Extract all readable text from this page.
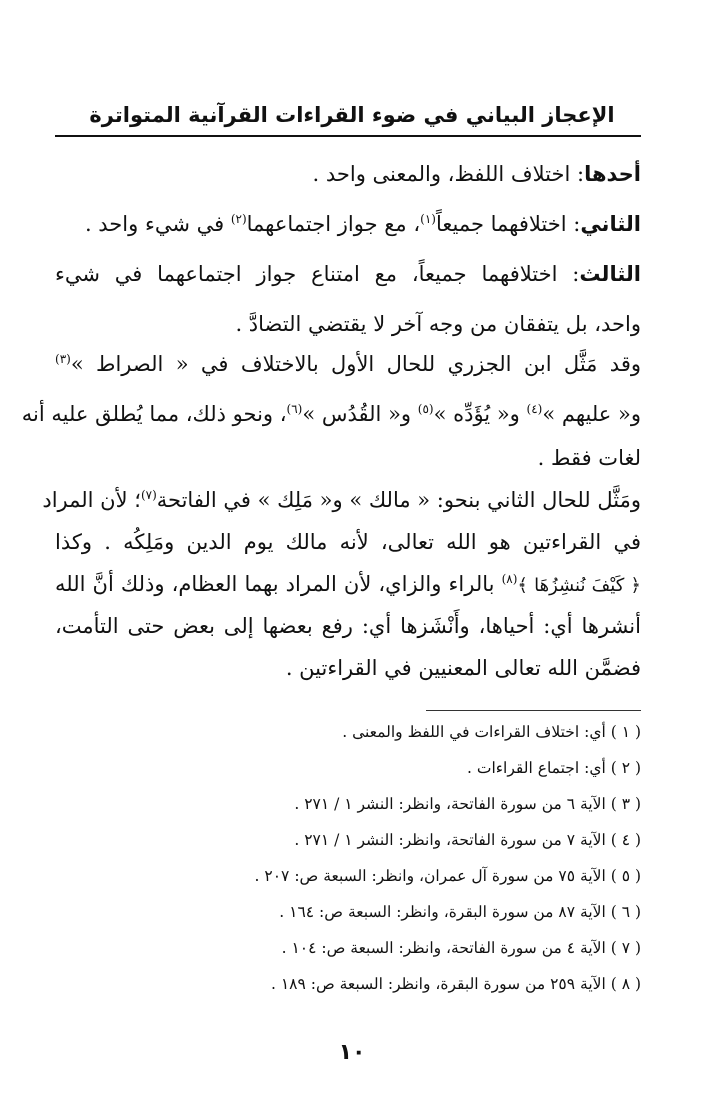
الإعجاز البياني في ضوء القراءات القرآنية المتواترة
أحدها: اختلاف اللفظ، والمعنى واحد .
الثاني: اختلافهما جميعاً$^{(١)}$، مع جواز اجتماعهما$^{(٢)}$ في شيء واحد .
الثالث: اختلافهما جميعاً، مع امتناع جواز اجتماعهما في شيء
واحد، بل يتفقان من وجه آخر لا يقتضي التضادَّ .
وقد مَثَّل ابن الجزري للحال الأول بالاختلاف في « الصراط »$^{(٣)}$
و« عليهم »$^{(٤)}$ و« يُؤَدِّه »$^{(٥)}$ و« القُدُس »$^{(٦)}$، ونحو ذلك، مما يُطلق عليه أنه
لغات فقط .
ومَثَّل للحال الثاني بنحو: « مالك » و« مَلِك » في الفاتحة$^{(٧)}$؛ لأن المراد
في القراءتين هو الله تعالى، لأنه مالك يوم الدين ومَلِكُه . وكذا
﴿ كَيْفَ نُنشِزُهَا ﴾$^{(٨)}$ بالراء والزاي، لأن المراد بهما العظام، وذلك أنَّ الله
أنشرها أي: أحياها، وأَنْشَزها أي: رفع بعضها إلى بعض حتى التأمت،
فضمَّن الله تعالى المعنيين في القراءتين .
( ١ ) أي: اختلاف القراءات في اللفظ والمعنى .
( ٢ ) أي: اجتماع القراءات .
( ٣ ) الآية ٦ من سورة الفاتحة، وانظر: النشر ١ / ٢٧١ .
( ٤ ) الآية ٧ من سورة الفاتحة، وانظر: النشر ١ / ٢٧١ .
( ٥ ) الآية ٧٥ من سورة آل عمران، وانظر: السبعة ص: ٢٠٧ .
( ٦ ) الآية ٨٧ من سورة البقرة، وانظر: السبعة ص: ١٦٤ .
( ٧ ) الآية ٤ من سورة الفاتحة، وانظر: السبعة ص: ١٠٤ .
( ٨ ) الآية ٢٥٩ من سورة البقرة، وانظر: السبعة ص: ١٨٩ .
١٠
